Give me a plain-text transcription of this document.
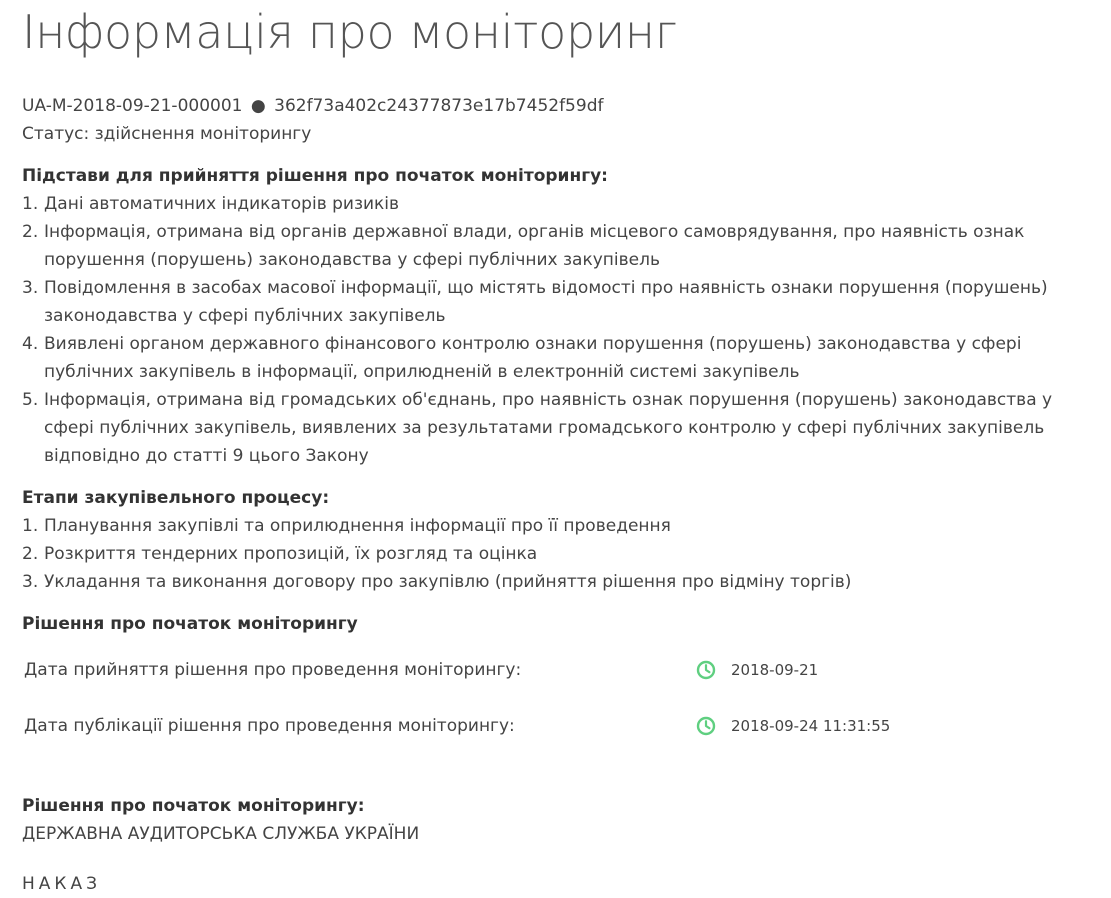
Інформація про моніторинг
UA-M-2018-09-21-000001 ● 362f73a402c24377873e17b7452f59df
Статус: здійснення моніторингу
Підстави для прийняття рішення про початок моніторингу:
1. Дані автоматичних індикаторів ризиків
2. Інформація, отримана від органів державної влади, органів місцевого самоврядування, про наявність ознак порушення (порушень) законодавства у сфері публічних закупівель
3. Повідомлення в засобах масової інформації, що містять відомості про наявність ознаки порушення (порушень) законодавства у сфері публічних закупівель
4. Виявлені органом державного фінансового контролю ознаки порушення (порушень) законодавства у сфері публічних закупівель в інформації, оприлюдненій в електронній системі закупівель
5. Інформація, отримана від громадських об'єднань, про наявність ознак порушення (порушень) законодавства у сфері публічних закупівель, виявлених за результатами громадського контролю у сфері публічних закупівель відповідно до статті 9 цього Закону
Етапи закупівельного процесу:
1. Планування закупівлі та оприлюднення інформації про її проведення
2. Розкриття тендерних пропозицій, їх розгляд та оцінка
3. Укладання та виконання договору про закупівлю (прийняття рішення про відміну торгів)
Рішення про початок моніторингу
Дата прийняття рішення про проведення моніторингу:	2018-09-21
Дата публікації рішення про проведення моніторингу:	2018-09-24 11:31:55
Рішення про початок моніторингу:

ДЕРЖАВНА АУДИТОРСЬКА СЛУЖБА УКРАЇНИ

НАКАЗ
